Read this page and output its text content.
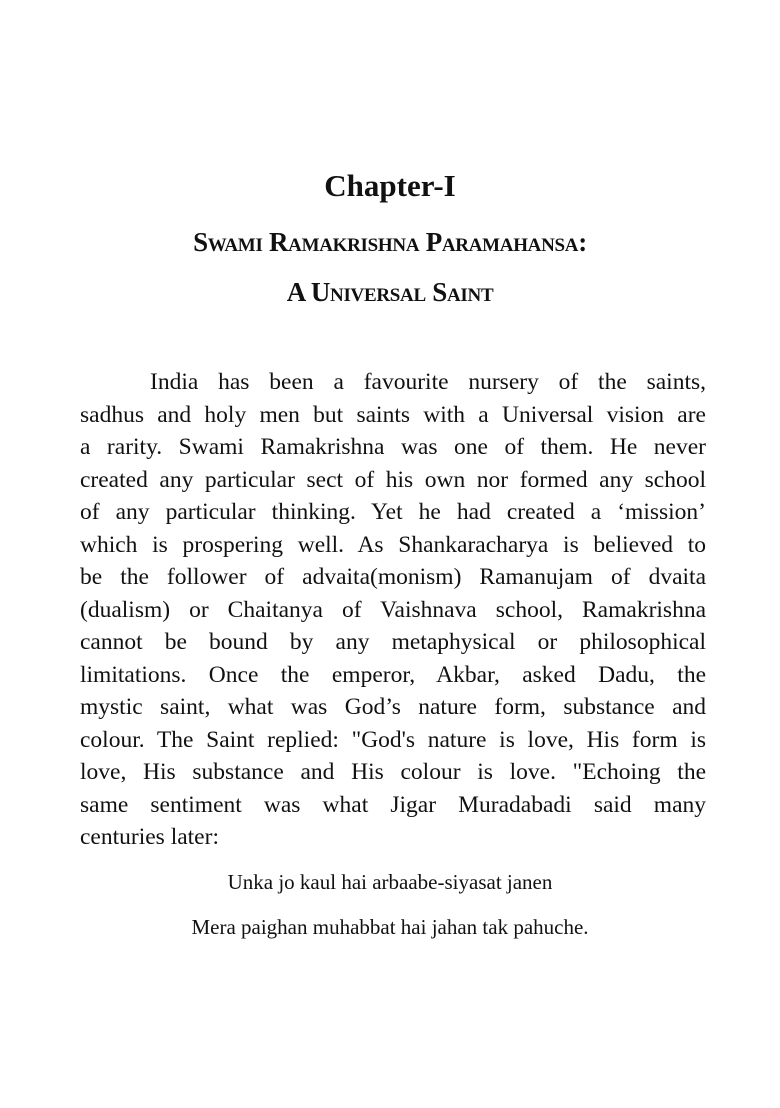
Chapter-I
Swami Ramakrishna Paramahansa:
A Universal Saint
India has been a favourite nursery of the saints,
sadhus and holy men but saints with a Universal vision are
a rarity. Swami Ramakrishna was one of them. He never
created any particular sect of his own nor formed any school
of any particular thinking. Yet he had created a ‘mission’
which is prospering well. As Shankaracharya is believed to
be the follower of advaita(monism) Ramanujam of dvaita
(dualism) or Chaitanya of Vaishnava school, Ramakrishna
cannot be bound by any metaphysical or philosophical
limitations. Once the emperor, Akbar, asked Dadu, the
mystic saint, what was God’s nature form, substance and
colour. The Saint replied: "God's nature is love, His form is
love, His substance and His colour is love. "Echoing the
same sentiment was what Jigar Muradabadi said many
centuries later:
Unka jo kaul hai arbaabe-siyasat janen
Mera paighan muhabbat hai jahan tak pahuche.
